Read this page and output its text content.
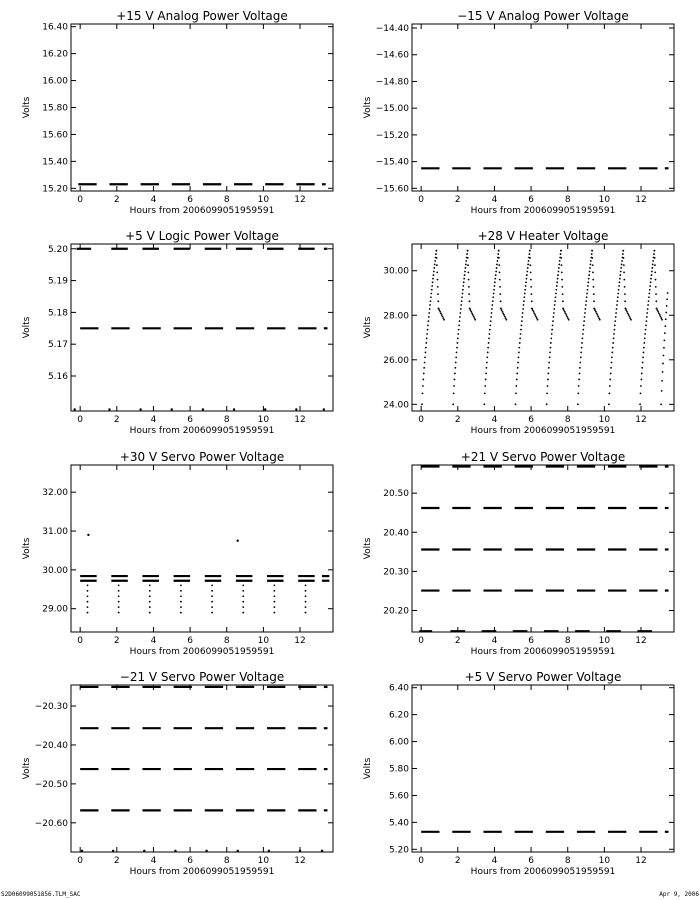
+15 V Analog Power Voltage
0	2	4	6	8	10	12
15.20
15.40
15.60
15.80
16.00
16.20
16.40
Hours from 2006099051959591
Volts
−15 V Analog Power Voltage
0	2	4	6	8	10	12
−14.40
−14.60
−14.80
−15.00
−15.20
−15.40
−15.60
Hours from 2006099051959591
Volts
+5 V Logic Power Voltage
0	2	4	6	8	10	12
5.16
5.17
5.18
5.19
5.20
Hours from 2006099051959591
Volts
+28 V Heater Voltage
0	2	4	6	8	10	12
24.00
26.00
28.00
30.00
Hours from 2006099051959591
Volts
+30 V Servo Power Voltage
0	2	4	6	8	10	12
29.00
30.00
31.00
32.00
Hours from 2006099051959591
Volts
+21 V Servo Power Voltage
0	2	4	6	8	10	12
20.20
20.30
20.40
20.50
Hours from 2006099051959591
Volts
−21 V Servo Power Voltage
0	2	4	6	8	10	12
−20.30
−20.40
−20.50
−20.60
Hours from 2006099051959591
Volts
+5 V Servo Power Voltage
0	2	4	6	8	10	12
5.20
5.40
5.60
5.80
6.00
6.20
6.40
Hours from 2006099051959591
Volts
S2D06099051856.TLM_SAC	Apr 9, 2006
